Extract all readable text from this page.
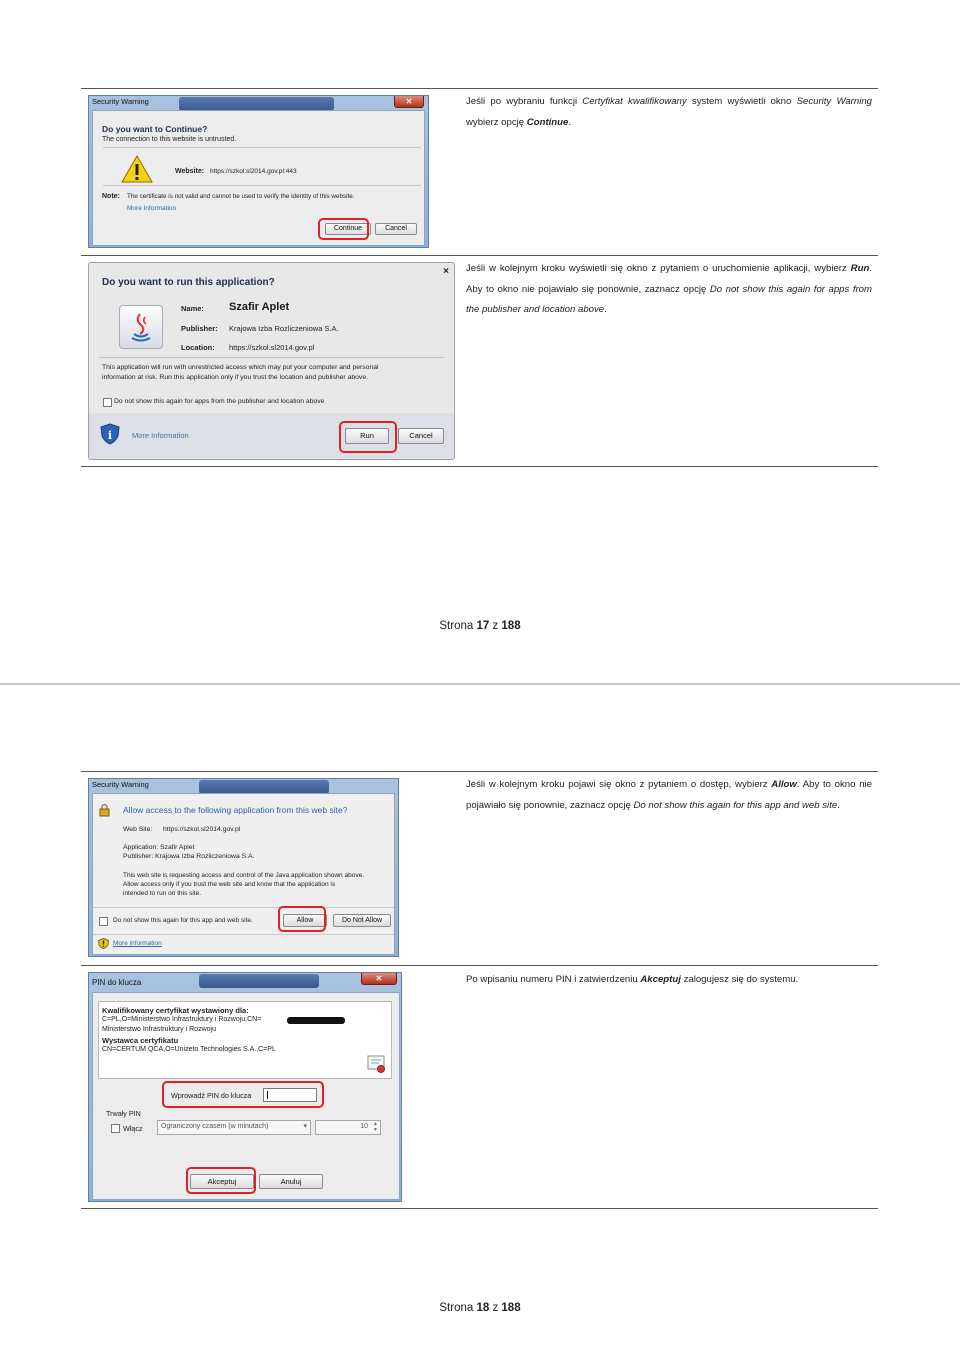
Security Warning	✕
Do you want to Continue?
The connection to this website is untrusted.
Website: https://szkol.sl2014.gov.pl:443
Note: The certificate is not valid and cannot be used to verify the identity of this website.
More Information
Continue	Cancel
Jeśli po wybraniu funkcji Certyfikat kwalifikowany system wyświetli okno Security Warning wybierz opcję Continue.
Do you want to run this application?
×
Name: Szafir Aplet
Publisher: Krajowa Izba Rozliczeniowa S.A.
Location: https://szkol.sl2014.gov.pl
This application will run with unrestricted access which may put your computer and personal
information at risk. Run this application only if you trust the location and publisher above.
Do not show this again for apps from the publisher and location above
i	More Information	Run	Cancel
Jeśli w kolejnym kroku wyświetli się okno z pytaniem o uruchomienie aplikacji, wybierz Run. Aby to okno nie pojawiało się ponownie, zaznacz opcję Do not show this again for apps from the publisher and location above.
Strona 17 z 188
Security Warning
Allow access to the following application from this web site?
Web Site: https://szkol.sl2014.gov.pl
Application: Szafir Aplet
Publisher: Krajowa Izba Rozliczeniowa S.A.
This web site is requesting access and control of the Java application shown above.
Allow access only if you trust the web site and know that the application is
intended to run on this site.
Do not show this again for this app and web site.	Allow	Do Not Allow
More information
Jeśli w kolejnym kroku pojawi się okno z pytaniem o dostęp, wybierz Allow. Aby to okno nie pojawiało się ponownie, zaznacz opcję Do not show this again for this app and web site.
PIN do klucza	✕
Kwalifikowany certyfikat wystawiony dla:
C=PL,O=Ministerstwo Infrastruktury i Rozwoju,CN=
Ministerstwo Infrastruktury i Rozwoju
Wystawca certyfikatu
CN=CERTUM QCA,O=Unizeto Technologies S.A.,C=PL
Wprowadź PIN do klucza
Trwały PIN
Włącz	Ograniczony czasem (w minutach)	▾	10 ▲
▼
Akceptuj	Anuluj
Po wpisaniu numeru PIN i zatwierdzeniu Akceptuj zalogujesz się do systemu.
Strona 18 z 188
